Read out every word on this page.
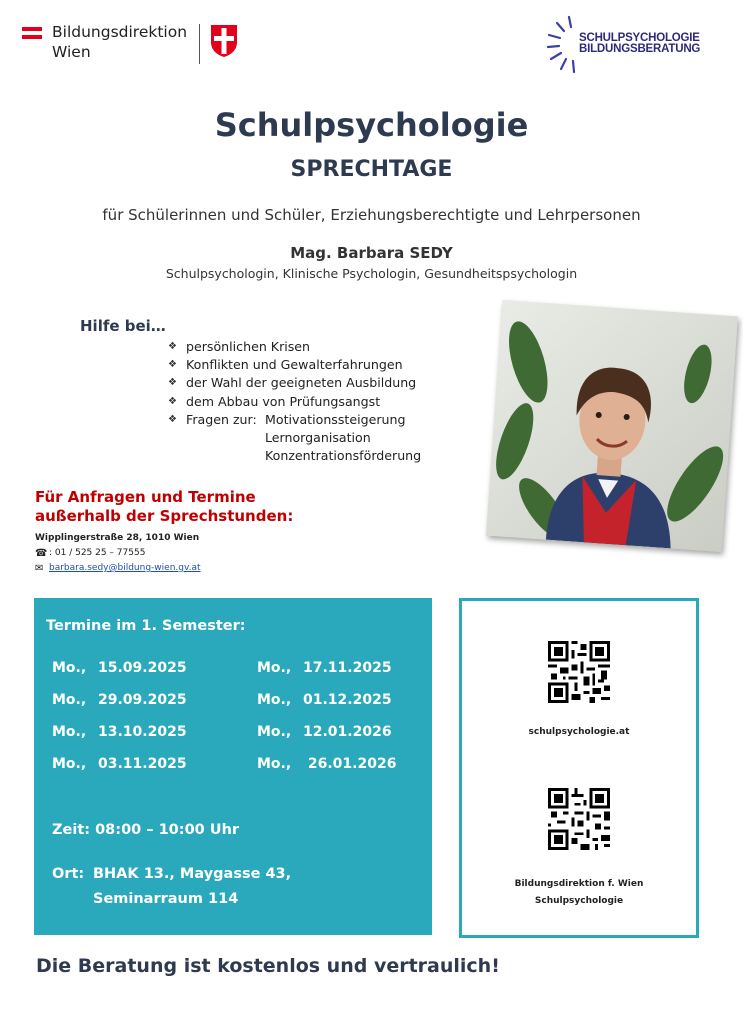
Bildungsdirektion
Wien
SCHULPSYCHOLOGIE
BILDUNGSBERATUNG
Schulpsychologie
SPRECHTAGE
für Schülerinnen und Schüler, Erziehungsberechtigte und Lehrpersonen
Mag. Barbara SEDY
Schulpsychologin, Klinische Psychologin, Gesundheitspsychologin
Hilfe bei…
❖ persönlichen Krisen
❖ Konflikten und Gewalterfahrungen
❖ der Wahl der geeigneten Ausbildung
❖ dem Abbau von Prüfungsangst
❖ Fragen zur: Motivationssteigerung
Lernorganisation
Konzentrationsförderung
Für Anfragen und Termine
außerhalb der Sprechstunden:
Wipplingerstraße 28, 1010 Wien
☎ : 01 / 525 25 – 77555
✉ barbara.sedy@bildung-wien.gv.at
Termine im 1. Semester:
Mo., 15.09.2025	Mo., 17.11.2025
Mo., 29.09.2025	Mo., 01.12.2025
Mo., 13.10.2025	Mo., 12.01.2026
Mo., 03.11.2025	Mo., 26.01.2026
Zeit: 08:00 – 10:00 Uhr
Ort: BHAK 13., Maygasse 43,
Seminarraum 114
schulpsychologie.at
Bildungsdirektion f. Wien
Schulpsychologie
Die Beratung ist kostenlos und vertraulich!
